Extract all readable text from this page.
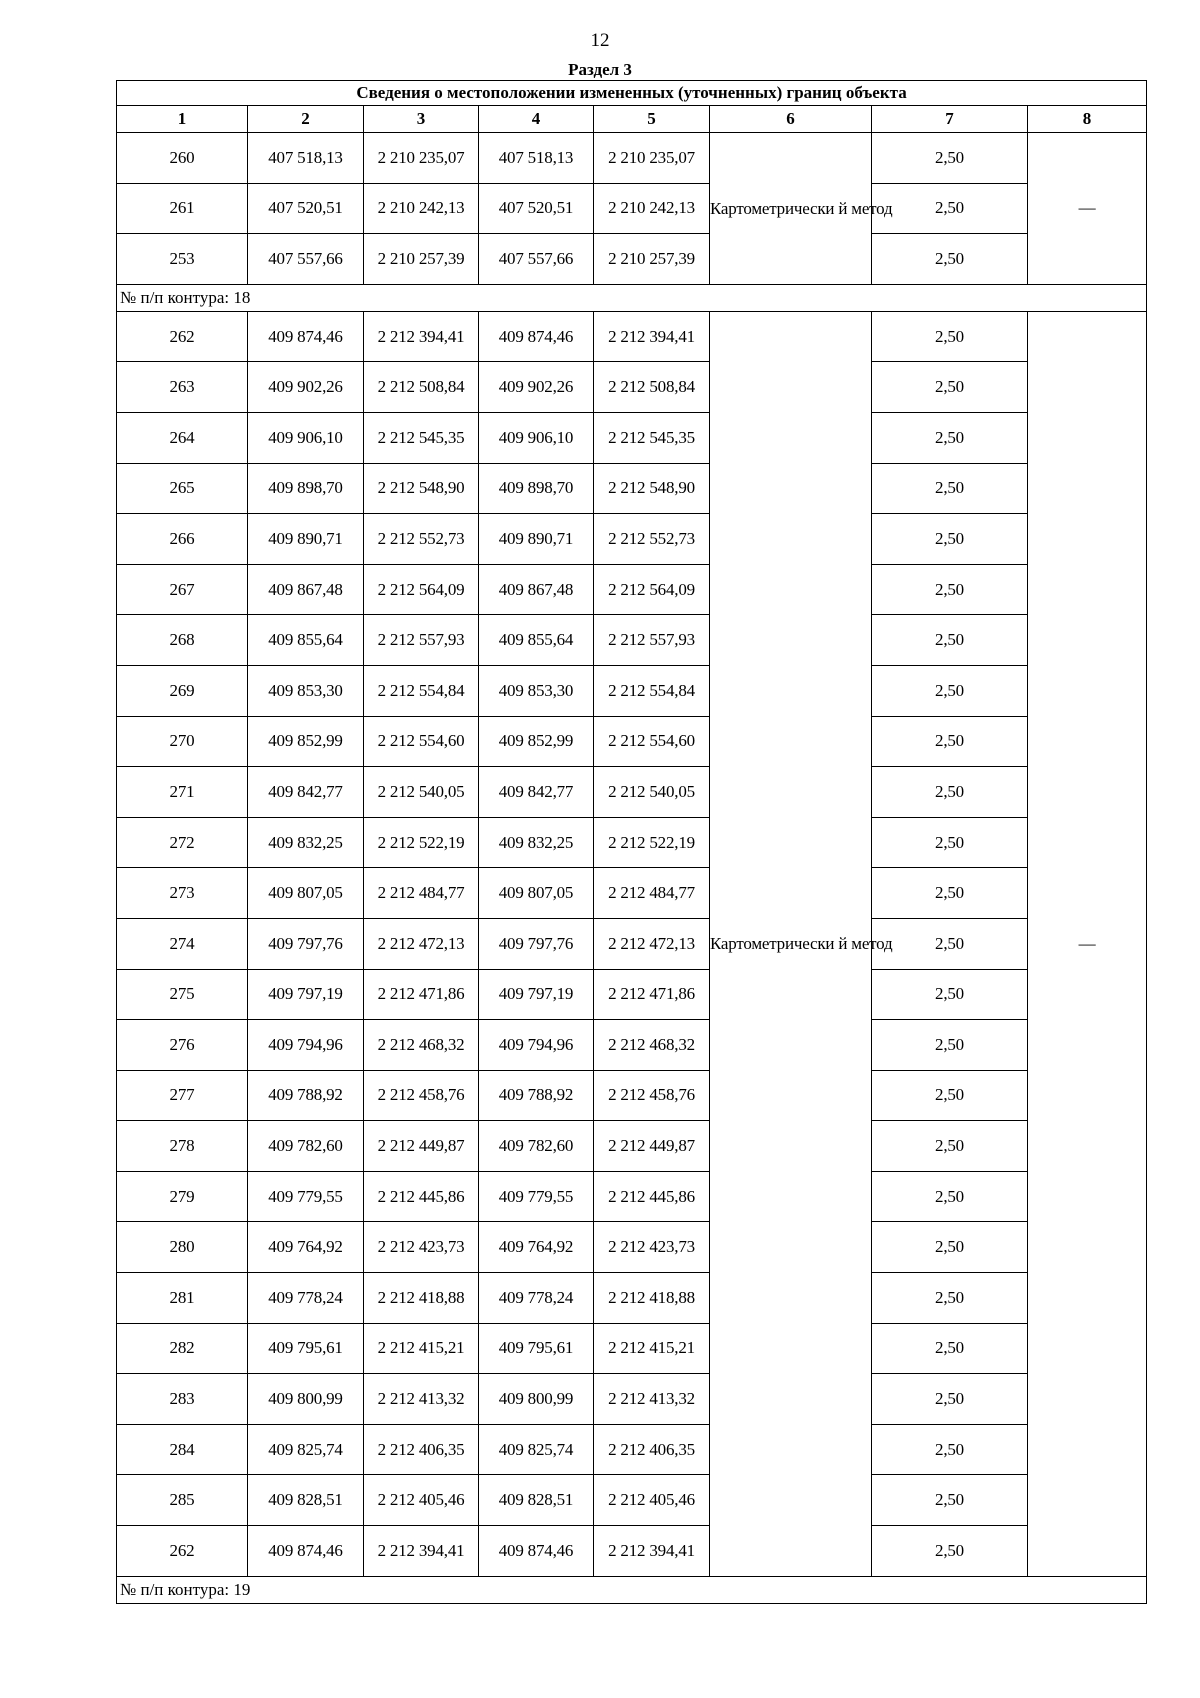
12
Раздел 3
Сведения о местоположении измененных (уточненных) границ объекта							
1	2	3	4	5	6	7	8
260	407 518,13	2 210 235,07	407 518,13	2 210 235,07	Картометрически й метод	2,50	—
261	407 520,51	2 210 242,13	407 520,51	2 210 242,13		2,50	
253	407 557,66	2 210 257,39	407 557,66	2 210 257,39		2,50	
№ п/п контура: 18							
262	409 874,46	2 212 394,41	409 874,46	2 212 394,41	Картометрически й метод	2,50	—
263	409 902,26	2 212 508,84	409 902,26	2 212 508,84		2,50	
264	409 906,10	2 212 545,35	409 906,10	2 212 545,35		2,50	
265	409 898,70	2 212 548,90	409 898,70	2 212 548,90		2,50	
266	409 890,71	2 212 552,73	409 890,71	2 212 552,73		2,50	
267	409 867,48	2 212 564,09	409 867,48	2 212 564,09		2,50	
268	409 855,64	2 212 557,93	409 855,64	2 212 557,93		2,50	
269	409 853,30	2 212 554,84	409 853,30	2 212 554,84		2,50	
270	409 852,99	2 212 554,60	409 852,99	2 212 554,60		2,50	
271	409 842,77	2 212 540,05	409 842,77	2 212 540,05		2,50	
272	409 832,25	2 212 522,19	409 832,25	2 212 522,19		2,50	
273	409 807,05	2 212 484,77	409 807,05	2 212 484,77		2,50	
274	409 797,76	2 212 472,13	409 797,76	2 212 472,13		2,50	
275	409 797,19	2 212 471,86	409 797,19	2 212 471,86		2,50	
276	409 794,96	2 212 468,32	409 794,96	2 212 468,32		2,50	
277	409 788,92	2 212 458,76	409 788,92	2 212 458,76		2,50	
278	409 782,60	2 212 449,87	409 782,60	2 212 449,87		2,50	
279	409 779,55	2 212 445,86	409 779,55	2 212 445,86		2,50	
280	409 764,92	2 212 423,73	409 764,92	2 212 423,73		2,50	
281	409 778,24	2 212 418,88	409 778,24	2 212 418,88		2,50	
282	409 795,61	2 212 415,21	409 795,61	2 212 415,21		2,50	
283	409 800,99	2 212 413,32	409 800,99	2 212 413,32		2,50	
284	409 825,74	2 212 406,35	409 825,74	2 212 406,35		2,50	
285	409 828,51	2 212 405,46	409 828,51	2 212 405,46		2,50	
262	409 874,46	2 212 394,41	409 874,46	2 212 394,41		2,50	
№ п/п контура: 19							
